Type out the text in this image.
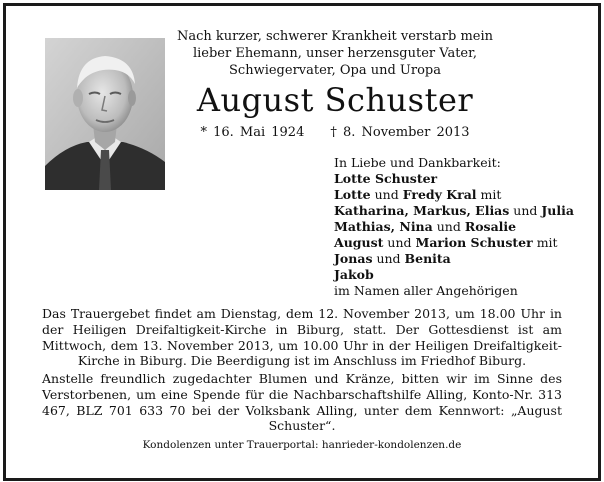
Nach kurzer, schwerer Krankheit verstarb mein lieber Ehemann, unser herzensguter Vater, Schwiegervater, Opa und Uropa
August Schuster
* 16. Mai 1924 † 8. November 2013
In Liebe und Dankbarkeit:
Lotte Schuster
Lotte und Fredy Kral mit
Katharina, Markus, Elias und Julia
Mathias, Nina und Rosalie
August und Marion Schuster mit
Jonas und Benita
Jakob
im Namen aller Angehörigen
Das Trauergebet findet am Dienstag, dem 12. November 2013, um 18.00 Uhr in der Heiligen Dreifaltigkeit-Kirche in Biburg, statt. Der Gottesdienst ist am Mittwoch, dem 13. November 2013, um 10.00 Uhr in der Heiligen Dreifaltigkeit-Kirche in Biburg. Die Beerdigung ist im Anschluss im Friedhof Biburg.
Anstelle freundlich zugedachter Blumen und Kränze, bitten wir im Sinne des Verstorbenen, um eine Spende für die Nachbarschaftshilfe Alling, Konto-Nr. 313 467, BLZ 701 633 70 bei der Volksbank Alling, unter dem Kennwort: „August Schuster“.
Kondolenzen unter Trauerportal: hanrieder-kondolenzen.de
